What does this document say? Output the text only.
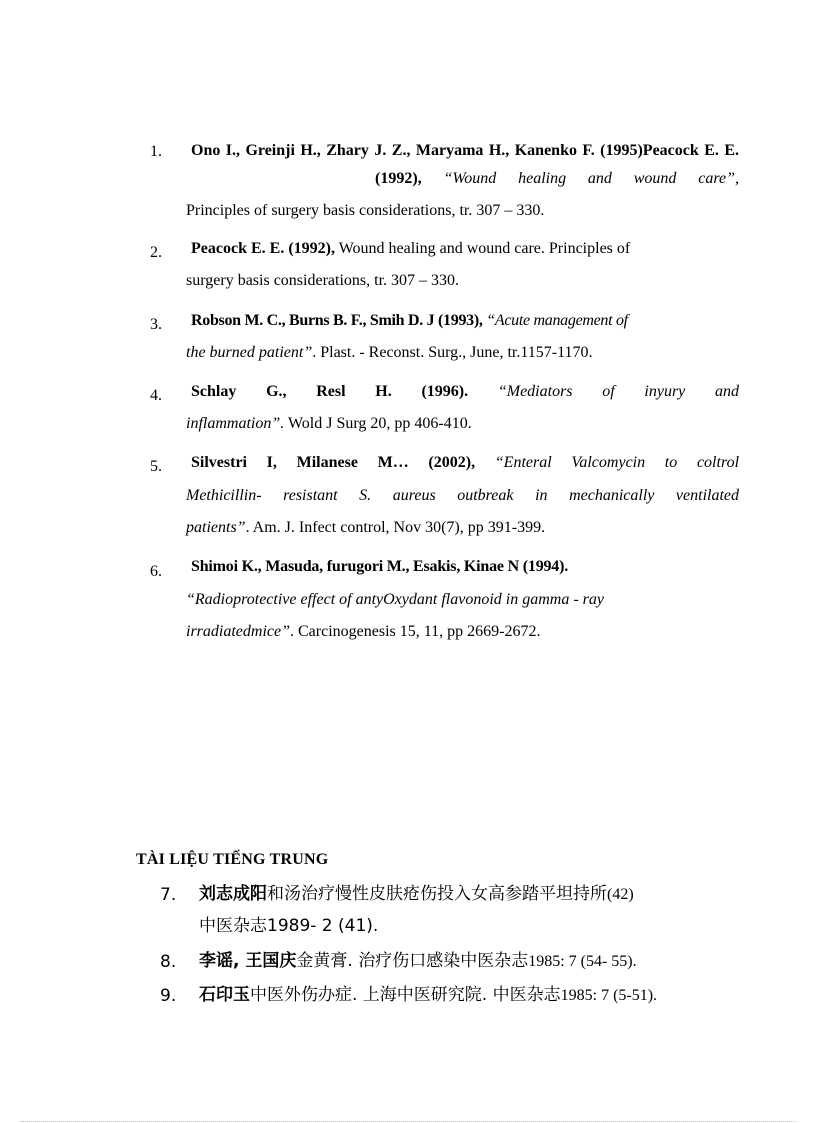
1. Ono I., Greinji H., Zhary J. Z., Maryama H., Kanenko F. (1995)Peacock E. E.
(1992), “Wound healing and wound care”,
Principles of surgery basis considerations, tr. 307 – 330.
2. Peacock E. E. (1992), Wound healing and wound care. Principles of
surgery basis considerations, tr. 307 – 330.
3. Robson M. C., Burns B. F., Smih D. J (1993), “Acute management of
the burned patient”. Plast. - Reconst. Surg., June, tr.1157-1170.
4. Schlay G., Resl H. (1996). “Mediators of inyury and
inflammation”. Wold J Surg 20, pp 406-410.
5. Silvestri I, Milanese M… (2002), “Enteral Valcomycin to coltrol
Methicillin- resistant S. aureus outbreak in mechanically ventilated
patients”. Am. J. Infect control, Nov 30(7), pp 391-399.
6. Shimoi K., Masuda, furugori M., Esakis, Kinae N (1994).
“Radioprotective effect of antyOxydant flavonoid in gamma - ray
irradiatedmice”. Carcinogenesis 15, 11, pp 2669-2672.
TÀI LIỆU TIẾNG TRUNG
7. 刘志成阳和汤治疗慢性皮肤疮伤投入女高参踏平坦持所(42)
中医杂志1989- 2 (41).
8. 李谣, 王国庆金黄膏. 治疗伤口感染中医杂志1985: 7 (54- 55).
9. 石印玉中医外伤办症. 上海中医研究院. 中医杂志1985: 7 (5-51).
